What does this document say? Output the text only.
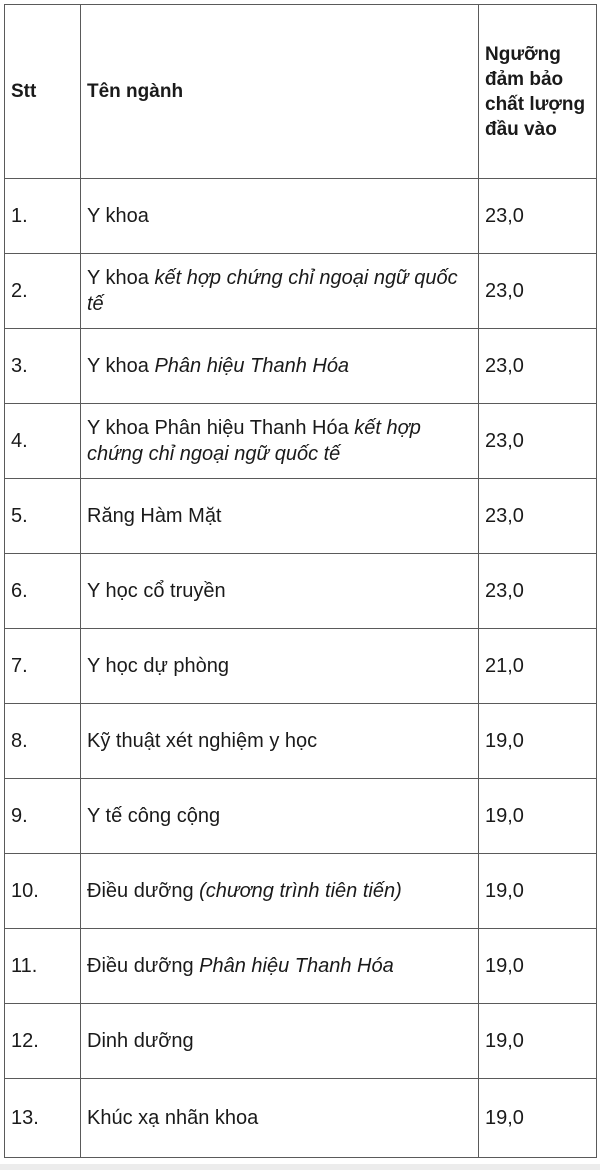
Stt	Tên ngành	Ngưỡng đảm bảo chất lượng đầu vào
1.	Y khoa	23,0
2.	Y khoa kết hợp chứng chỉ ngoại ngữ quốc tế	23,0
3.	Y khoa Phân hiệu Thanh Hóa	23,0
4.	Y khoa Phân hiệu Thanh Hóa kết hợp chứng chỉ ngoại ngữ quốc tế	23,0
5.	Răng Hàm Mặt	23,0
6.	Y học cổ truyền	23,0
7.	Y học dự phòng	21,0
8.	Kỹ thuật xét nghiệm y học	19,0
9.	Y tế công cộng	19,0
10.	Điều dưỡng (chương trình tiên tiến)	19,0
11.	Điều dưỡng Phân hiệu Thanh Hóa	19,0
12.	Dinh dưỡng	19,0
13.	Khúc xạ nhãn khoa	19,0
